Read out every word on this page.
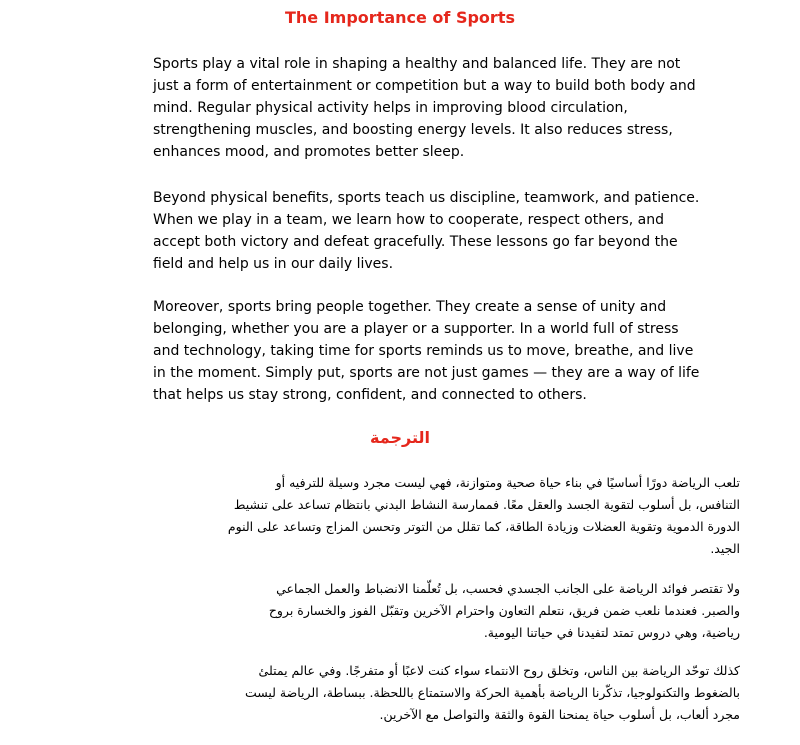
The Importance of Sports
Sports play a vital role in shaping a healthy and balanced life. They are not
just a form of entertainment or competition but a way to build both body and
mind. Regular physical activity helps in improving blood circulation,
strengthening muscles, and boosting energy levels. It also reduces stress,
enhances mood, and promotes better sleep.
Beyond physical benefits, sports teach us discipline, teamwork, and patience.
When we play in a team, we learn how to cooperate, respect others, and
accept both victory and defeat gracefully. These lessons go far beyond the
field and help us in our daily lives.
Moreover, sports bring people together. They create a sense of unity and
belonging, whether you are a player or a supporter. In a world full of stress
and technology, taking time for sports reminds us to move, breathe, and live
in the moment. Simply put, sports are not just games — they are a way of life
that helps us stay strong, confident, and connected to others.
الترجمة
تلعب الرياضة دورًا أساسيًا في بناء حياة صحية ومتوازنة، فهي ليست مجرد وسيلة للترفيه أو
التنافس، بل أسلوب لتقوية الجسد والعقل معًا. فممارسة النشاط البدني بانتظام تساعد على تنشيط
الدورة الدموية وتقوية العضلات وزيادة الطاقة، كما تقلل من التوتر وتحسن المزاج وتساعد على النوم
الجيد.
ولا تقتصر فوائد الرياضة على الجانب الجسدي فحسب، بل تُعلّمنا الانضباط والعمل الجماعي
والصبر. فعندما نلعب ضمن فريق، نتعلم التعاون واحترام الآخرين وتقبّل الفوز والخسارة بروح
رياضية، وهي دروس تمتد لتفيدنا في حياتنا اليومية.
كذلك توحّد الرياضة بين الناس، وتخلق روح الانتماء سواء كنت لاعبًا أو متفرجًا. وفي عالم يمتلئ
بالضغوط والتكنولوجيا، تذكّرنا الرياضة بأهمية الحركة والاستمتاع باللحظة. ببساطة، الرياضة ليست
مجرد ألعاب، بل أسلوب حياة يمنحنا القوة والثقة والتواصل مع الآخرين.
